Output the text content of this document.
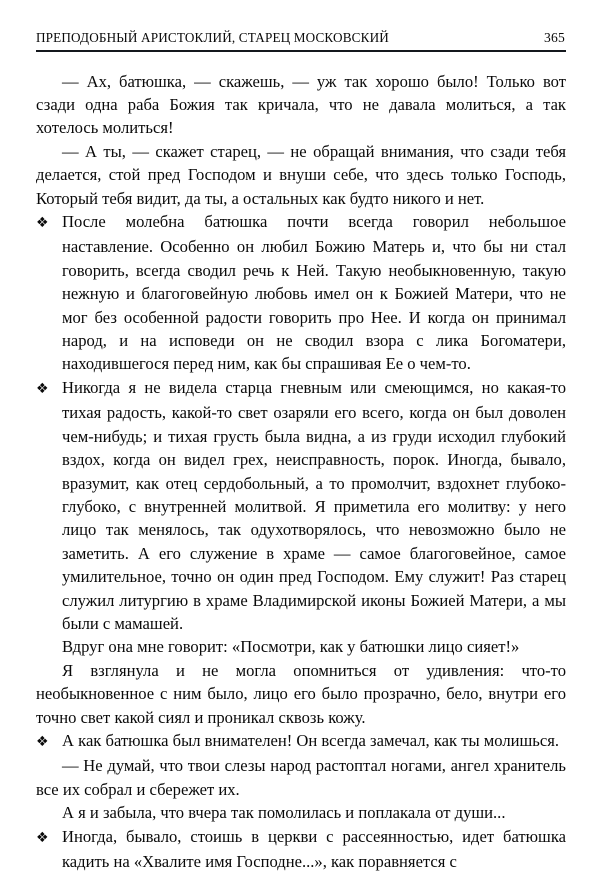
ПРЕПОДОБНЫЙ АРИСТОКЛИЙ, СТАРЕЦ МОСКОВСКИЙ	365

— Ах, батюшка, — скажешь, — уж так хорошо было! Только вот сзади одна раба Божия так кричала, что не давала молиться, а так хотелось молиться!

— А ты, — скажет старец, — не обращай внимания, что сзади тебя делается, стой пред Господом и внуши себе, что здесь только Господь, Который тебя видит, да ты, а остальных как будто никого и нет.

❖ После молебна батюшка почти всегда говорил небольшое наставление. Особенно он любил Божию Матерь и, что бы ни стал говорить, всегда сводил речь к Ней. Такую необыкновенную, такую нежную и благоговейную любовь имел он к Божией Матери, что не мог без особенной радости говорить про Нее. И когда он принимал народ, и на исповеди он не сводил взора с лика Богоматери, находившегося перед ним, как бы спрашивая Ее о чем-то.

❖ Никогда я не видела старца гневным или смеющимся, но какая-то тихая радость, какой-то свет озаряли его всего, когда он был доволен чем-нибудь; и тихая грусть была видна, а из груди исходил глубокий вздох, когда он видел грех, неисправность, порок. Иногда, бывало, вразумит, как отец сердобольный, а то промолчит, вздохнет глубоко-глубоко, с внутренней молитвой. Я приметила его молитву: у него лицо так менялось, так одухотворялось, что невозможно было не заметить. А его служение в храме — самое благоговейное, самое умилительное, точно он один пред Господом. Ему служит! Раз старец служил литургию в храме Владимирской иконы Божией Матери, а мы были с мамашей.

Вдруг она мне говорит: «Посмотри, как у батюшки лицо сияет!»

Я взглянула и не могла опомниться от удивления: что-то необыкновенное с ним было, лицо его было прозрачно, бело, внутри его точно свет какой сиял и проникал сквозь кожу.

❖ А как батюшка был внимателен! Он всегда замечал, как ты молишься.

— Не думай, что твои слезы народ растоптал ногами, ангел хранитель все их собрал и сбережет их.

А я и забыла, что вчера так помолилась и поплакала от души...

❖ Иногда, бывало, стоишь в церкви с рассеянностью, идет батюшка кадить на «Хвалите имя Господне...», как поравняется с
